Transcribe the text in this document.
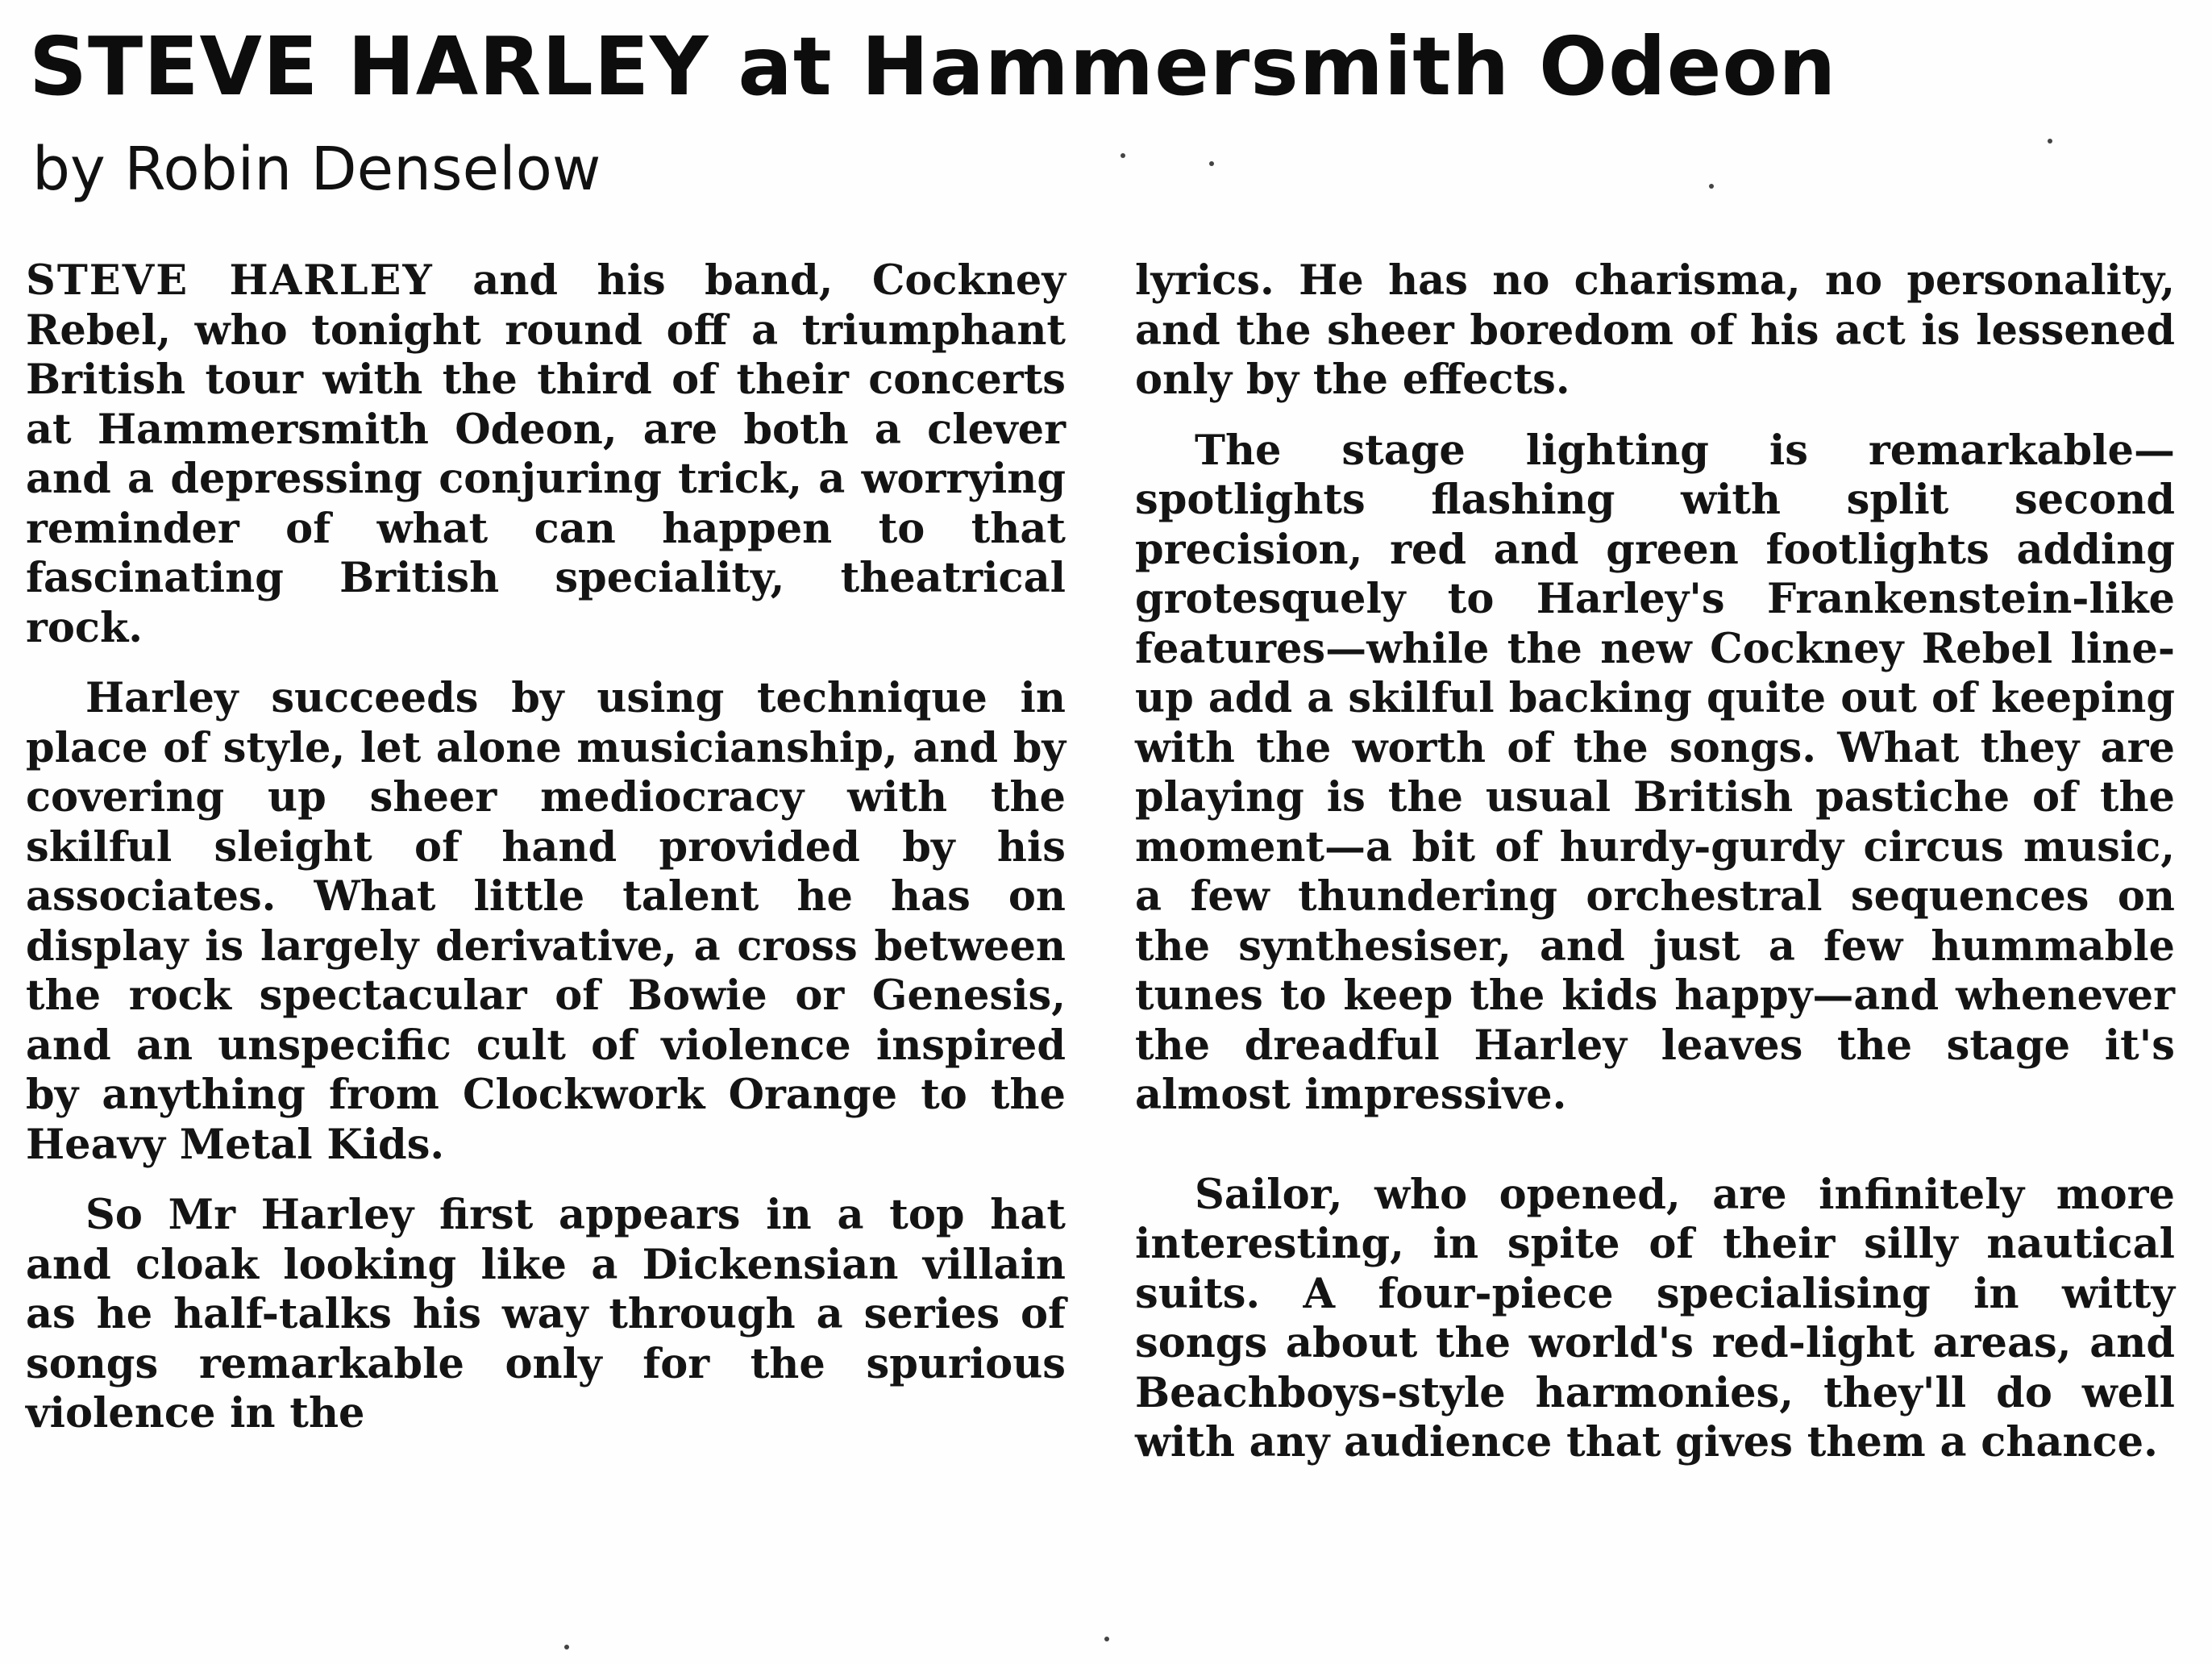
STEVE HARLEY at Hammersmith Odeon
by Robin Denselow

STEVE HARLEY and his band, Cockney Rebel, who tonight round off a triumphant British tour with the third of their concerts at Hammersmith Odeon, are both a clever and a depressing conjuring trick, a worrying reminder of what can happen to that fascinating British speciality, theatrical rock.

Harley succeeds by using technique in place of style, let alone musicianship, and by covering up sheer mediocracy with the skilful sleight of hand provided by his associates. What little talent he has on display is largely derivative, a cross between the rock spectacular of Bowie or Genesis, and an unspecific cult of violence inspired by anything from Clockwork Orange to the Heavy Metal Kids.

So Mr Harley first appears in a top hat and cloak looking like a Dickensian villain as he half-talks his way through a series of songs remarkable only for the spurious violence in the

lyrics. He has no charisma, no personality, and the sheer boredom of his act is lessened only by the effects.

The stage lighting is remarkable—spotlights flashing with split second precision, red and green footlights adding grotesquely to Harley's Frankenstein-like features—while the new Cockney Rebel line-up add a skilful backing quite out of keeping with the worth of the songs. What they are playing is the usual British pastiche of the moment—a bit of hurdy-gurdy circus music, a few thundering orchestral sequences on the synthesiser, and just a few hummable tunes to keep the kids happy—and whenever the dreadful Harley leaves the stage it's almost impressive.

Sailor, who opened, are infinitely more interesting, in spite of their silly nautical suits. A four-piece specialising in witty songs about the world's red-light areas, and Beachboys-style harmonies, they'll do well with any audience that gives them a chance.
